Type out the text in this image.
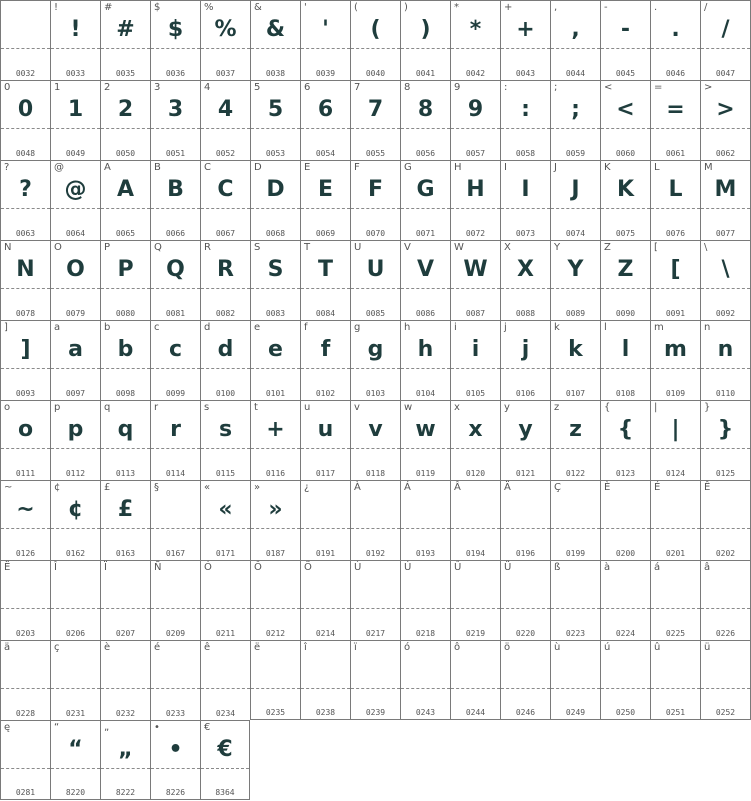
0032
!
!
0033
#
#
0035
$
$
0036
%
%
0037
&
&
0038
'
'
0039
(
(
0040
)
)
0041
*
*
0042
+
+
0043
,
,
0044
-
-
0045
.
.
0046
/
/
0047
0
0
0048
1
1
0049
2
2
0050
3
3
0051
4
4
0052
5
5
0053
6
6
0054
7
7
0055
8
8
0056
9
9
0057
:
:
0058
;
;
0059
<
<
0060
=
=
0061
>
>
0062
?
?
0063
@
@
0064
A
A
0065
B
B
0066
C
C
0067
D
D
0068
E
E
0069
F
F
0070
G
G
0071
H
H
0072
I
I
0073
J
J
0074
K
K
0075
L
L
0076
M
M
0077
N
N
0078
O
O
0079
P
P
0080
Q
Q
0081
R
R
0082
S
S
0083
T
T
0084
U
U
0085
V
V
0086
W
W
0087
X
X
0088
Y
Y
0089
Z
Z
0090
[
[
0091
\
\
0092
]
]
0093
a
a
0097
b
b
0098
c
c
0099
d
d
0100
e
e
0101
f
f
0102
g
g
0103
h
h
0104
i
i
0105
j
j
0106
k
k
0107
l
l
0108
m
m
0109
n
n
0110
o
o
0111
p
p
0112
q
q
0113
r
r
0114
s
s
0115
t
+
0116
u
u
0117
v
v
0118
w
w
0119
x
x
0120
y
y
0121
z
z
0122
{
{
0123
|
|
0124
}
}
0125
~
~
0126
¢
¢
0162
£
£
0163
§
0167
«
«
0171
»
»
0187
¿
0191
À
0192
Á
0193
Â
0194
Ä
0196
Ç
0199
È
0200
É
0201
Ê
0202
Ë
0203
Î
0206
Ï
0207
Ñ
0209
Ó
0211
Ô
0212
Ö
0214
Ù
0217
Ú
0218
Û
0219
Ü
0220
ß
0223
à
0224
á
0225
â
0226
ä
0228
ç
0231
è
0232
é
0233
ê
0234
ë
0235
î
0238
ï
0239
ó
0243
ô
0244
ö
0246
ù
0249
ú
0250
û
0251
ü
0252
ę
0281
“
“
8220
„
„
8222
•
•
8226
€
€
8364
